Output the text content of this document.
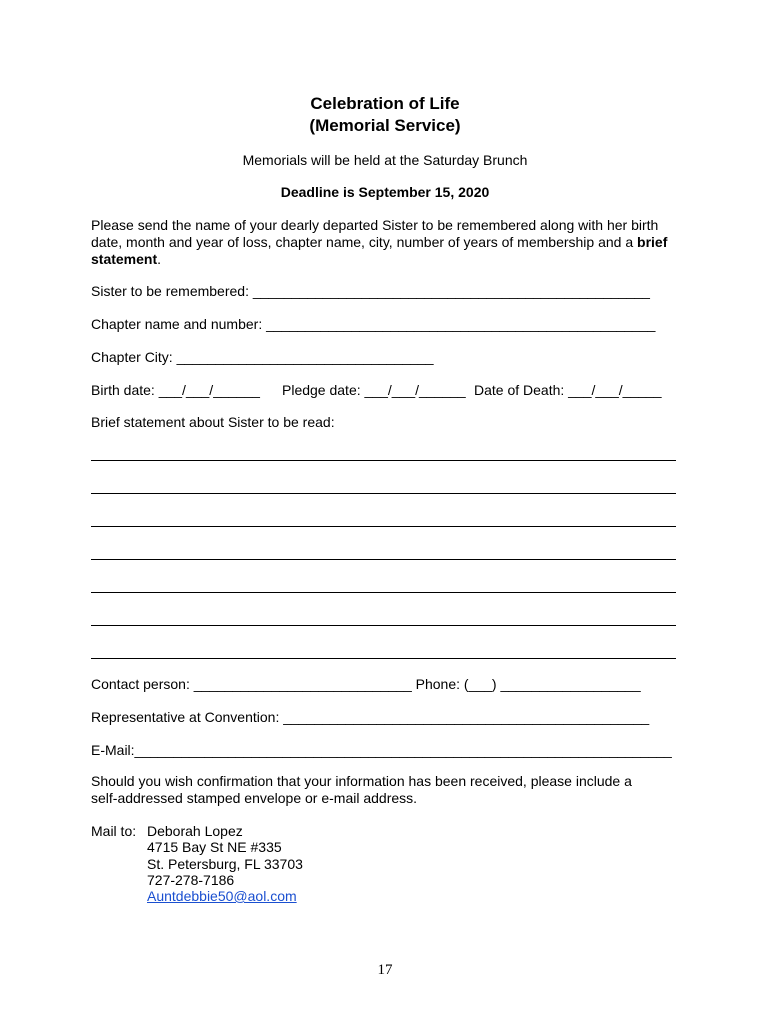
Celebration of Life
(Memorial Service)
Memorials will be held at the Saturday Brunch
Deadline is September 15, 2020
Please send the name of your dearly departed Sister to be remembered along with her birth date, month and year of loss, chapter name, city, number of years of membership and a brief statement.
Sister to be remembered: ___________________________________________________
Chapter name and number: __________________________________________________
Chapter City: _________________________________
Birth date: ___/___/______ Pledge date: ___/___/______ Date of Death: ___/___/_____
Brief statement about Sister to be read:
Contact person: ____________________________ Phone: (___) __________________
Representative at Convention: _______________________________________________
E-Mail:_____________________________________________________________________
Should you wish confirmation that your information has been received, please include a self-addressed stamped envelope or e-mail address.
Mail to: Deborah Lopez
4715 Bay St NE #335
St. Petersburg, FL 33703
727-278-7186
Auntdebbie50@aol.com
17
